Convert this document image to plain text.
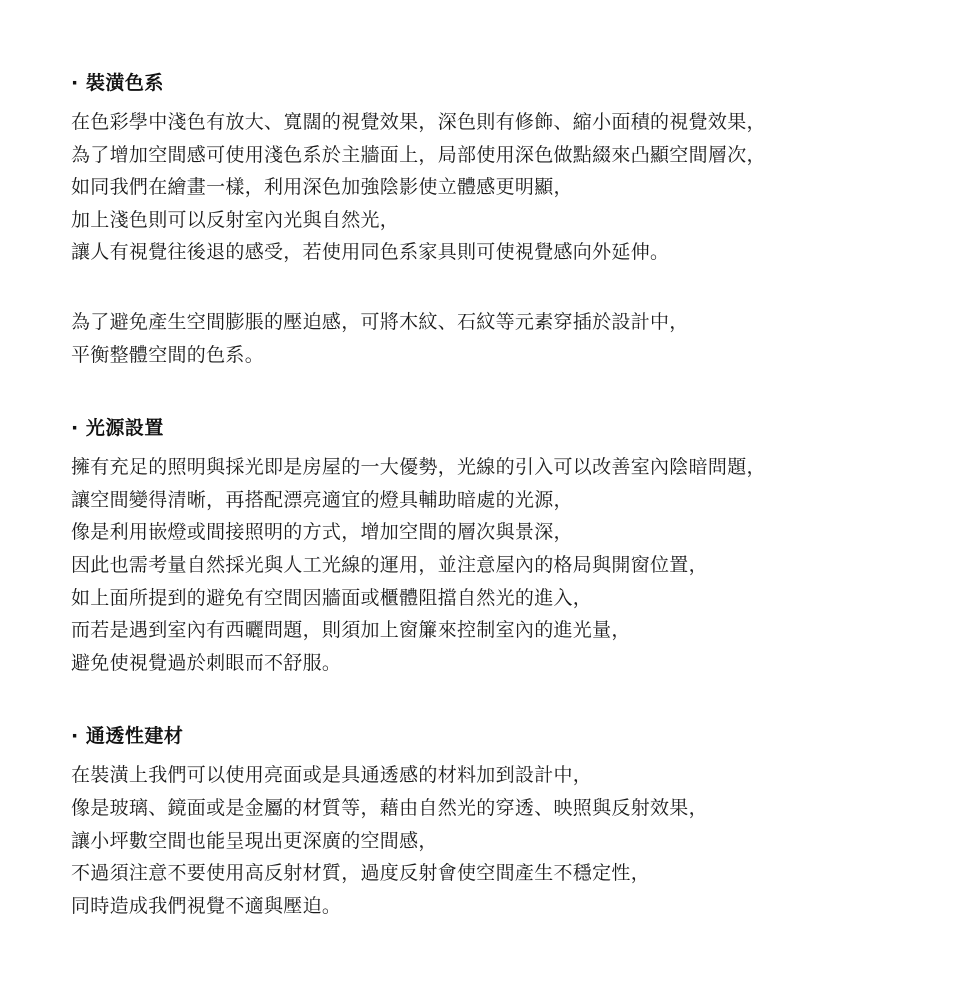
· 裝潢色系
在色彩學中淺色有放大、寬闊的視覺效果，深色則有修飾、縮小面積的視覺效果，
為了增加空間感可使用淺色系於主牆面上，局部使用深色做點綴來凸顯空間層次，
如同我們在繪畫一樣，利用深色加強陰影使立體感更明顯，
加上淺色則可以反射室內光與自然光，
讓人有視覺往後退的感受，若使用同色系家具則可使視覺感向外延伸。
為了避免產生空間膨脹的壓迫感，可將木紋、石紋等元素穿插於設計中，
平衡整體空間的色系。
· 光源設置
擁有充足的照明與採光即是房屋的一大優勢，光線的引入可以改善室內陰暗問題，
讓空間變得清晰，再搭配漂亮適宜的燈具輔助暗處的光源，
像是利用嵌燈或間接照明的方式，增加空間的層次與景深，
因此也需考量自然採光與人工光線的運用，並注意屋內的格局與開窗位置，
如上面所提到的避免有空間因牆面或櫃體阻擋自然光的進入，
而若是遇到室內有西曬問題，則須加上窗簾來控制室內的進光量，
避免使視覺過於刺眼而不舒服。
· 通透性建材
在裝潢上我們可以使用亮面或是具通透感的材料加到設計中，
像是玻璃、鏡面或是金屬的材質等，藉由自然光的穿透、映照與反射效果，
讓小坪數空間也能呈現出更深廣的空間感，
不過須注意不要使用高反射材質，過度反射會使空間產生不穩定性，
同時造成我們視覺不適與壓迫。
